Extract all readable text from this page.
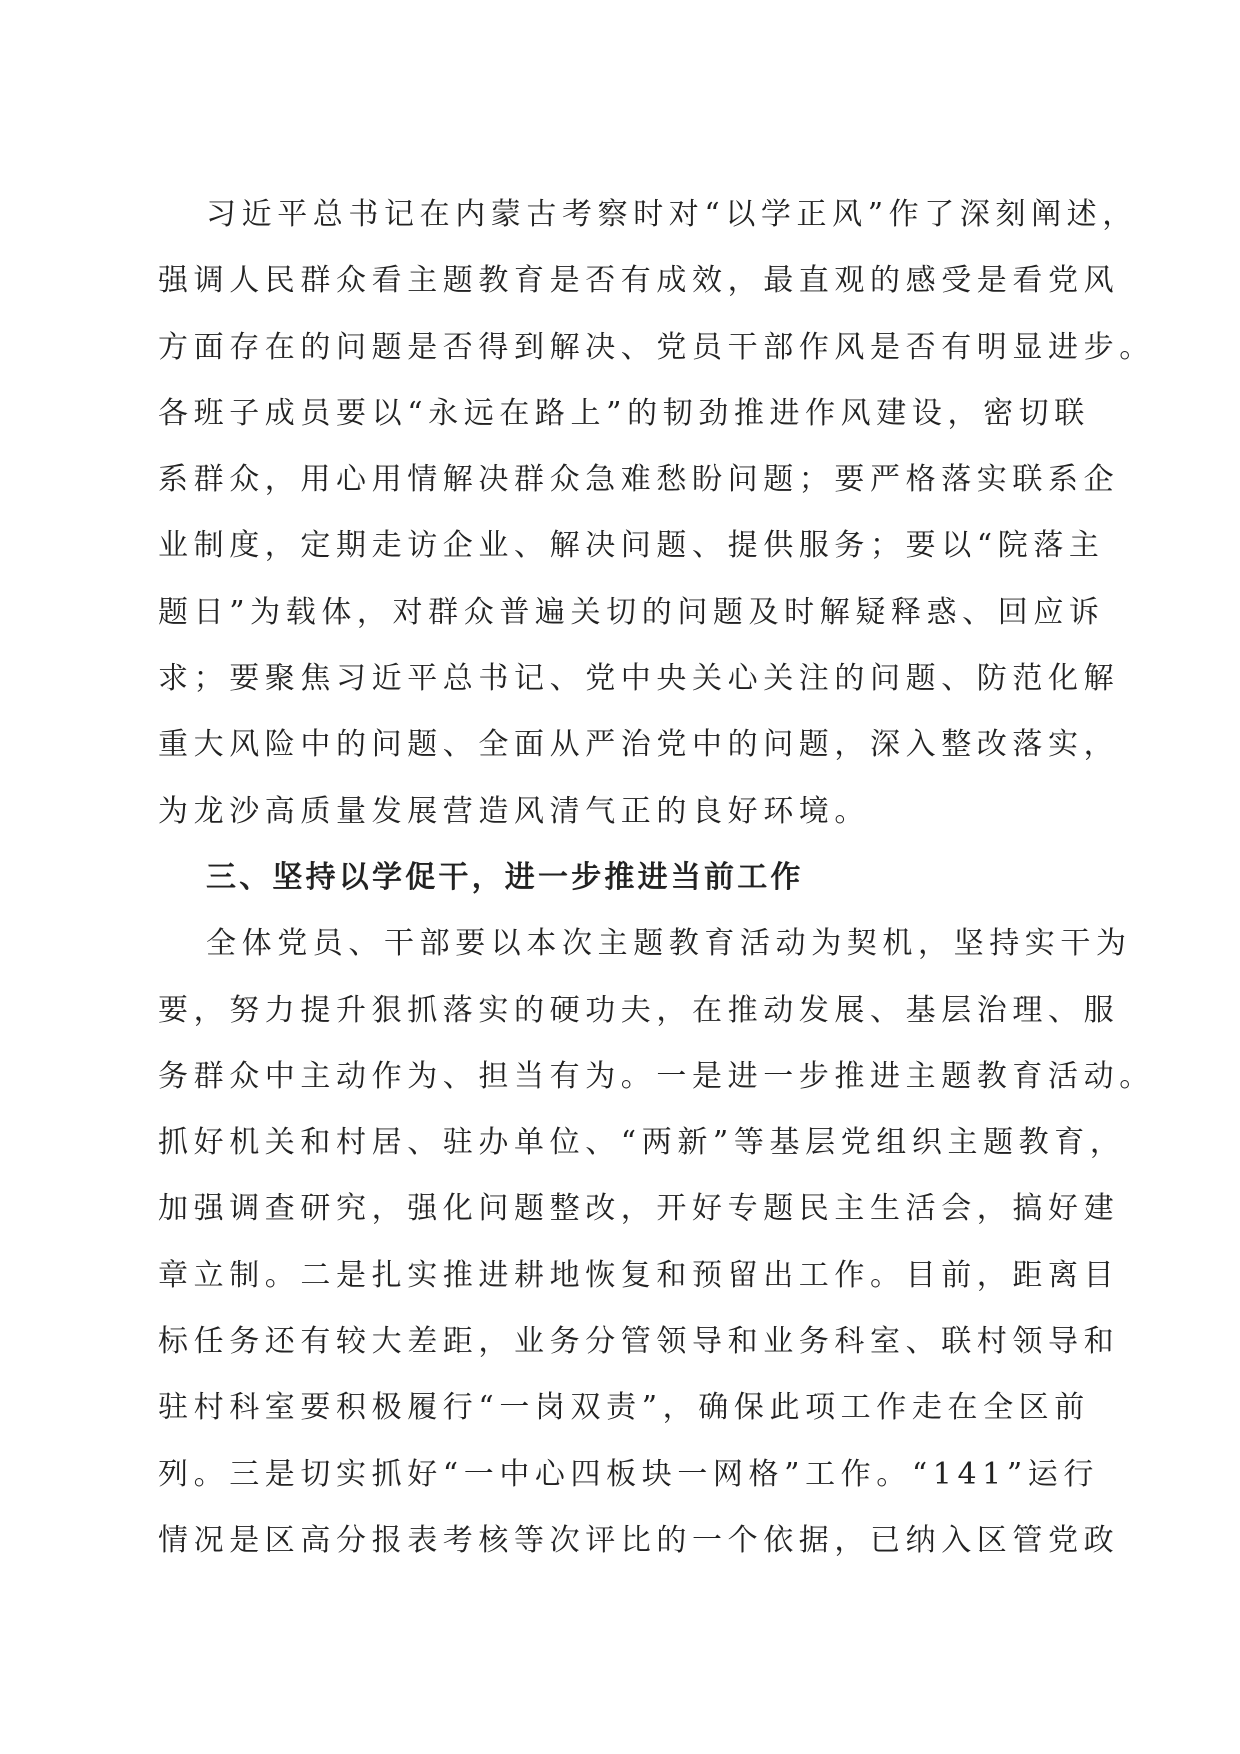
习近平总书记在内蒙古考察时对“以学正风”作了深刻阐述，
强调人民群众看主题教育是否有成效，最直观的感受是看党风
方面存在的问题是否得到解决、党员干部作风是否有明显进步。
各班子成员要以“永远在路上”的韧劲推进作风建设，密切联
系群众，用心用情解决群众急难愁盼问题；要严格落实联系企
业制度，定期走访企业、解决问题、提供服务；要以“院落主
题日”为载体，对群众普遍关切的问题及时解疑释惑、回应诉
求；要聚焦习近平总书记、党中央关心关注的问题、防范化解
重大风险中的问题、全面从严治党中的问题，深入整改落实，
为龙沙高质量发展营造风清气正的良好环境。
三、坚持以学促干，进一步推进当前工作
全体党员、干部要以本次主题教育活动为契机，坚持实干为
要，努力提升狠抓落实的硬功夫，在推动发展、基层治理、服
务群众中主动作为、担当有为。一是进一步推进主题教育活动。
抓好机关和村居、驻办单位、“两新”等基层党组织主题教育，
加强调查研究，强化问题整改，开好专题民主生活会，搞好建
章立制。二是扎实推进耕地恢复和预留出工作。目前，距离目
标任务还有较大差距，业务分管领导和业务科室、联村领导和
驻村科室要积极履行“一岗双责”，确保此项工作走在全区前
列。三是切实抓好“一中心四板块一网格”工作。“141”运行
情况是区高分报表考核等次评比的一个依据，已纳入区管党政
